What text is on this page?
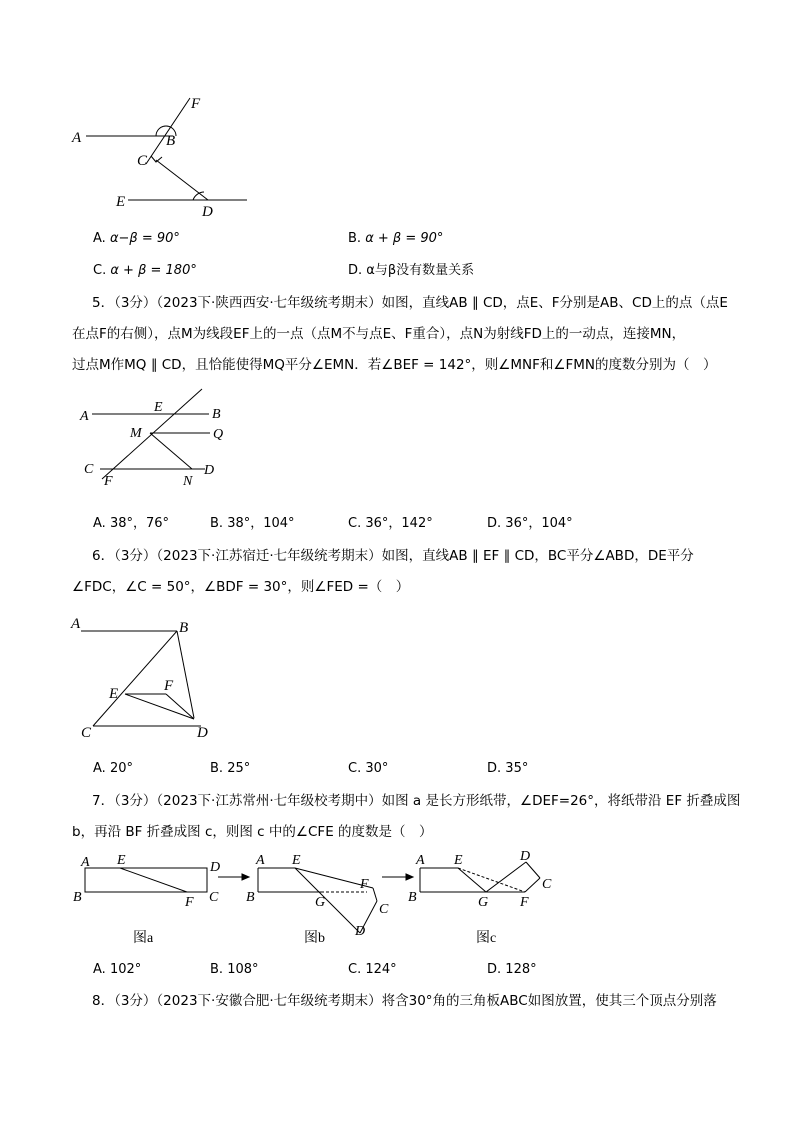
A	B
C
D
E
F
A. α−β = 90°	B. α + β = 90°
C. α + β = 180°	D. α与β没有数量关系
5．（3分）（2023下·陕西西安·七年级统考期末）如图，直线AB ∥ CD，点E、F分别是AB、CD上的点（点E
在点F的右侧），点M为线段EF上的一点（点M不与点E、F重合），点N为射线FD上的一动点，连接MN，
过点M作MQ ∥ CD，且恰能使得MQ平分∠EMN．若∠BEF = 142°，则∠MNF和∠FMN的度数分别为（　）
A
E	B
M	Q
C	D
F	N
A. 38°，76°	B. 38°，104°	C. 36°，142°	D. 36°，104°
6．（3分）（2023下·江苏宿迁·七年级统考期末）如图，直线AB ∥ EF ∥ CD，BC平分∠ABD，DE平分
∠FDC，∠C = 50°，∠BDF = 30°，则∠FED =（　）
A	B
E	F
C	D
A. 20°	B. 25°	C. 30°	D. 35°
7．（3分）（2023下·江苏常州·七年级校考期中）如图 a 是长方形纸带，∠DEF=26°，将纸带沿 EF 折叠成图
b，再沿 BF 折叠成图 c，则图 c 中的∠CFE 的度数是（　）
A E	D
B	F C
A E
B	G
F
C
D
A E
B	G F
C
D
图a	图b	图c
A. 102°	B. 108°	C. 124°	D. 128°
8．（3分）（2023下·安徽合肥·七年级统考期末）将含30°角的三角板ABC如图放置，使其三个顶点分别落
